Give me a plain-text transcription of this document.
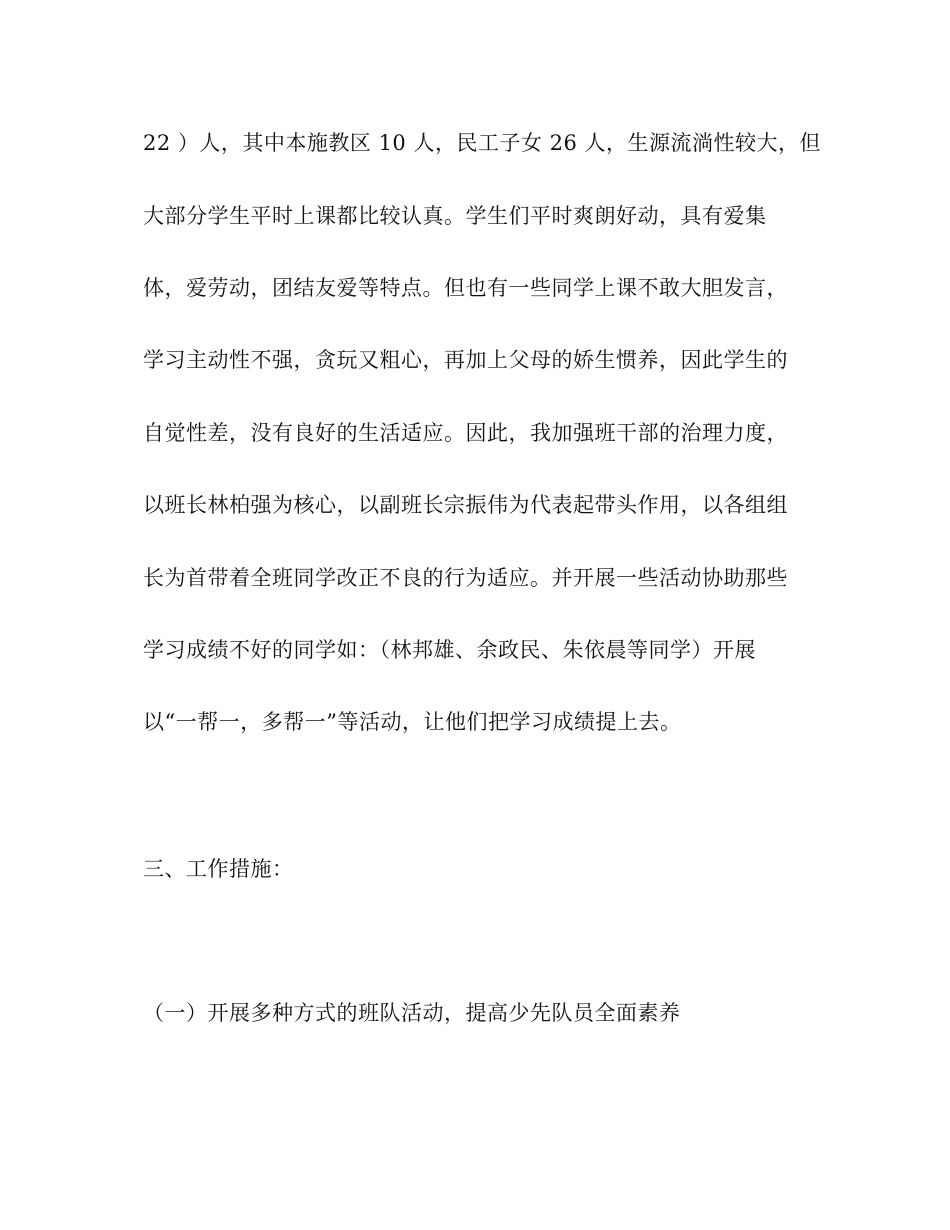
22 ）人，其中本施教区 10 人，民工子女 26 人，生源流淌性较大，但
大部分学生平时上课都比较认真。学生们平时爽朗好动，具有爱集
体，爱劳动，团结友爱等特点。但也有一些同学上课不敢大胆发言，
学习主动性不强，贪玩又粗心，再加上父母的娇生惯养，因此学生的
自觉性差，没有良好的生活适应。因此，我加强班干部的治理力度，
以班长林柏强为核心，以副班长宗振伟为代表起带头作用，以各组组
长为首带着全班同学改正不良的行为适应。并开展一些活动协助那些
学习成绩不好的同学如：（林邦雄、余政民、朱依晨等同学）开展
以“一帮一，多帮一”等活动，让他们把学习成绩提上去。
三、工作措施：
（一）开展多种方式的班队活动，提高少先队员全面素养
